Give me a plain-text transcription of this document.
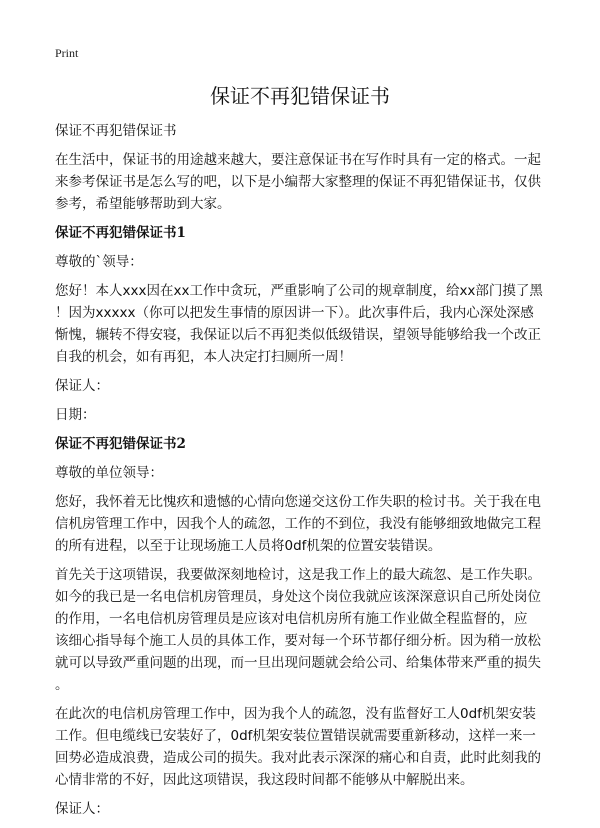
Print
保证不再犯错保证书
保证不再犯错保证书
在生活中，保证书的用途越来越大，要注意保证书在写作时具有一定的格式。一起
来参考保证书是怎么写的吧，以下是小编帮大家整理的保证不再犯错保证书，仅供
参考，希望能够帮助到大家。
保证不再犯错保证书1
尊敬的`领导：
您好！本人xxx因在xx工作中贪玩，严重影响了公司的规章制度，给xx部门摸了黑
！因为xxxxx（你可以把发生事情的原因讲一下）。此次事件后，我内心深处深感
惭愧，辗转不得安寝，我保证以后不再犯类似低级错误，望领导能够给我一个改正
自我的机会，如有再犯，本人决定打扫厕所一周！
保证人：
日期：
保证不再犯错保证书2
尊敬的单位领导：
您好，我怀着无比愧疚和遗憾的心情向您递交这份工作失职的检讨书。关于我在电
信机房管理工作中，因我个人的疏忽，工作的不到位，我没有能够细致地做完工程
的所有进程，以至于让现场施工人员将0df机架的位置安装错误。
首先关于这项错误，我要做深刻地检讨，这是我工作上的最大疏忽、是工作失职。
如今的我已是一名电信机房管理员，身处这个岗位我就应该深深意识自己所处岗位
的作用，一名电信机房管理员是应该对电信机房所有施工作业做全程监督的，应
该细心指导每个施工人员的具体工作，要对每一个环节都仔细分析。因为稍一放松
就可以导致严重问题的出现，而一旦出现问题就会给公司、给集体带来严重的损失
。
在此次的电信机房管理工作中，因为我个人的疏忽，没有监督好工人0df机架安装
工作。但电缆线已安装好了，0df机架安装位置错误就需要重新移动，这样一来一
回势必造成浪费，造成公司的损失。我对此表示深深的痛心和自责，此时此刻我的
心情非常的不好，因此这项错误，我这段时间都不能够从中解脱出来。
保证人：
